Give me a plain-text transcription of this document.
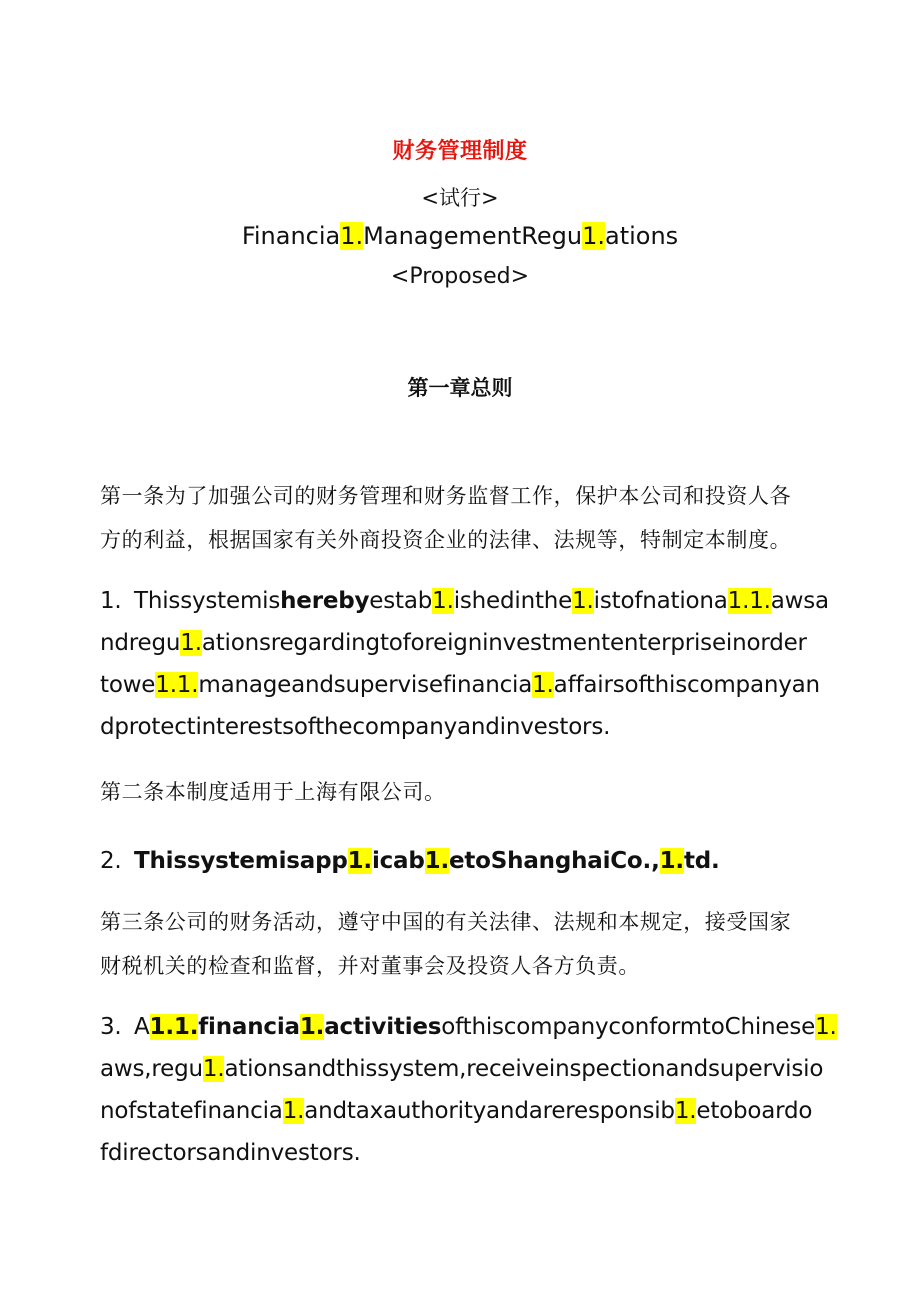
财务管理制度
<试行>
Financia1.ManagementRegu1.ations
<Proposed>
第一章总则
第一条为了加强公司的财务管理和财务监督工作，保护本公司和投资人各
方的利益，根据国家有关外商投资企业的法律、法规等，特制定本制度。
1. Thissystemisherebyestab1.ishedinthe1.istofnationa1.1.awsa
ndregu1.ationsregardingtoforeigninvestmententerpriseinorder
towe1.1.manageandsupervisefinancia1.affairsofthiscompanyan
dprotectinterestsofthecompanyandinvestors.
第二条本制度适用于上海有限公司。
2. Thissystemisapp1.icab1.etoShanghaiCo.,1.td.
第三条公司的财务活动，遵守中国的有关法律、法规和本规定，接受国家
财税机关的检查和监督，并对董事会及投资人各方负责。
3. A1.1.financia1.activitiesofthiscompanyconformtoChinese1.
aws,regu1.ationsandthissystem,receiveinspectionandsupervisio
nofstatefinancia1.andtaxauthorityandareresponsib1.etoboardo
fdirectorsandinvestors.
